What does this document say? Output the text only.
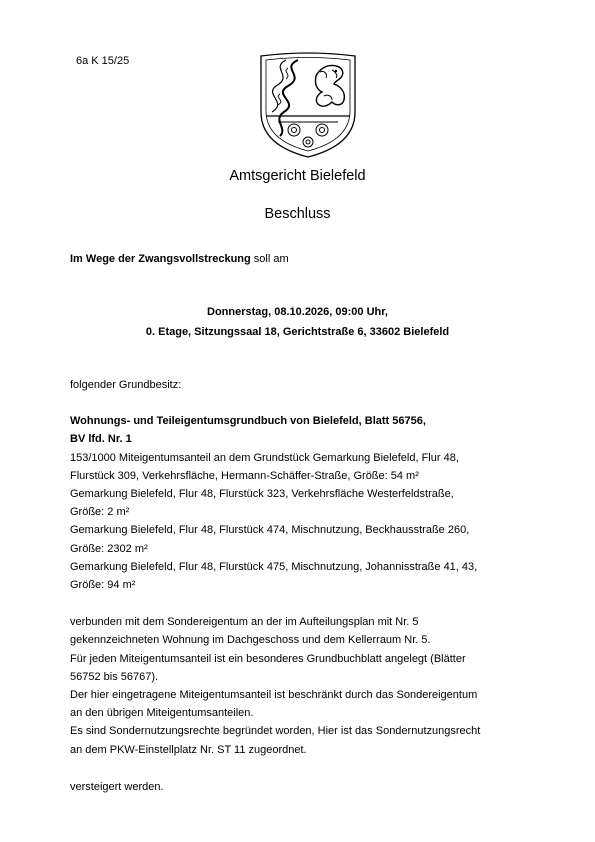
6a K 15/25
Amtsgericht Bielefeld
Beschluss
Im Wege der Zwangsvollstreckung soll am
Donnerstag, 08.10.2026, 09:00 Uhr,
0. Etage, Sitzungssaal 18, Gerichtstraße 6, 33602 Bielefeld
folgender Grundbesitz:
Wohnungs- und Teileigentumsgrundbuch von Bielefeld, Blatt 56756,
BV lfd. Nr. 1
153/1000 Miteigentumsanteil an dem Grundstück Gemarkung Bielefeld, Flur 48,
Flurstück 309, Verkehrsfläche, Hermann-Schäffer-Straße, Größe: 54 m²
Gemarkung Bielefeld, Flur 48, Flurstück 323, Verkehrsfläche Westerfeldstraße,
Größe: 2 m²
Gemarkung Bielefeld, Flur 48, Flurstück 474, Mischnutzung, Beckhausstraße 260,
Größe: 2302 m²
Gemarkung Bielefeld, Flur 48, Flurstück 475, Mischnutzung, Johannisstraße 41, 43,
Größe: 94 m²
verbunden mit dem Sondereigentum an der im Aufteilungsplan mit Nr. 5
gekennzeichneten Wohnung im Dachgeschoss und dem Kellerraum Nr. 5.
Für jeden Miteigentumsanteil ist ein besonderes Grundbuchblatt angelegt (Blätter
56752 bis 56767).
Der hier eingetragene Miteigentumsanteil ist beschränkt durch das Sondereigentum
an den übrigen Miteigentumsanteilen.
Es sind Sondernutzungsrechte begründet worden, Hier ist das Sondernutzungsrecht
an dem PKW-Einstellplatz Nr. ST 11 zugeordnet.
versteigert werden.
